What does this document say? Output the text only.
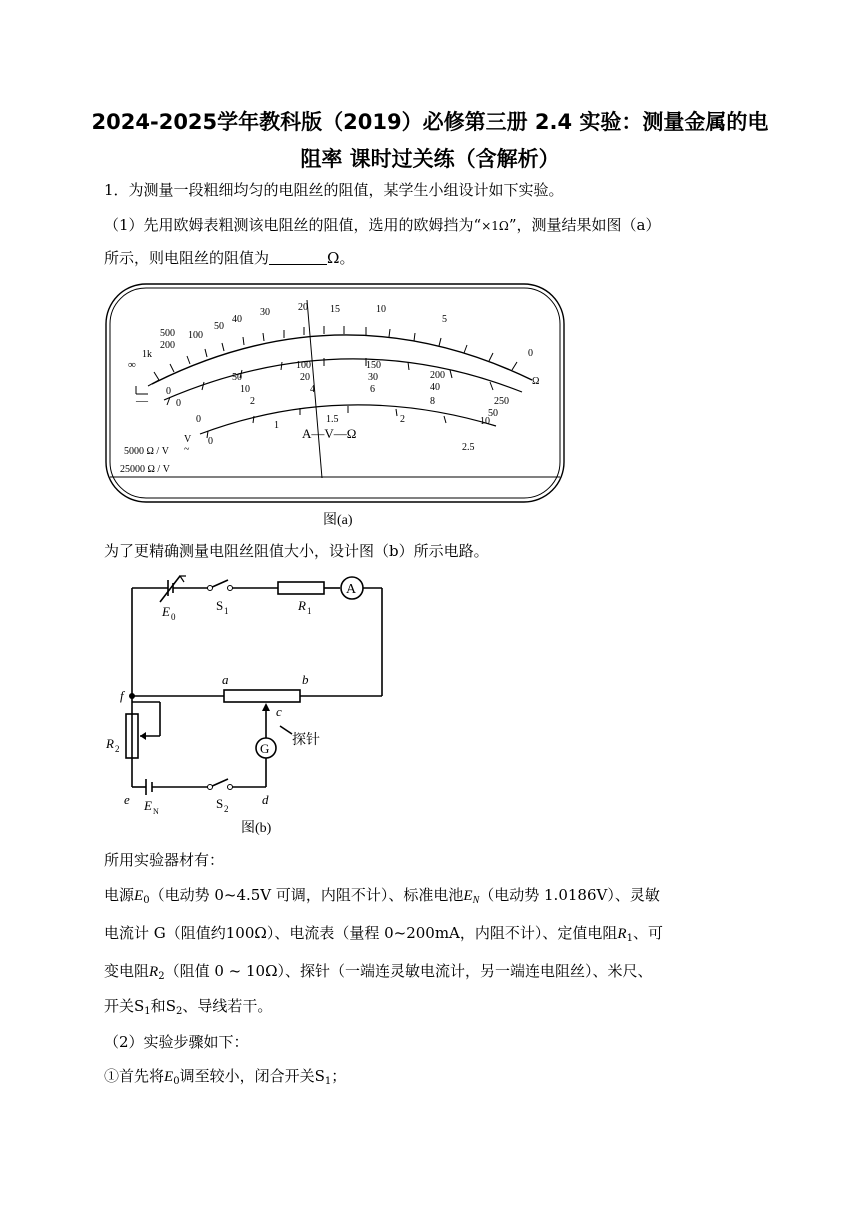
2024-2025学年教科版（2019）必修第三册 2.4 实验：测量金属的电
阻率 课时过关练（含解析）
1．为测量一段粗细均匀的电阻丝的阻值，某学生小组设计如下实验。
（1）先用欧姆表粗测该电阻丝的阻值，选用的欧姆挡为“×1Ω”，测量结果如图（a）
所示，则电阻丝的阻值为	Ω。
∞
1k
500
200
100
50
40
30	20 15	10
5
0
Ω
0
50
100	150
200
250
0
10
20	30
40
50
0
2
4	6
8
10
0
1
1.5	2
2.5
A—V—Ω
—
V
~
5000 Ω / V
25000 Ω / V
图(a)
为了更精确测量电阻丝阻值大小，设计图（b）所示电路。
A
G
E 0
S 1	R 1
f
a	b
c
探针
R 2
e E N
S 2
d
图(b)
所用实验器材有：
电源$E_0$（电动势 0~4.5V 可调，内阻不计）、标准电池$E_N$（电动势 1.0186V）、灵敏
电流计 G（阻值约100Ω）、电流表（量程 0~200mA，内阻不计）、定值电阻$R_1$、可
变电阻$R_2$（阻值 0 ~ 10Ω）、探针（一端连灵敏电流计，另一端连电阻丝）、米尺、
开关$S_1$和$S_2$、导线若干。
（2）实验步骤如下：
①首先将$E_0$调至较小，闭合开关$S_1$；
